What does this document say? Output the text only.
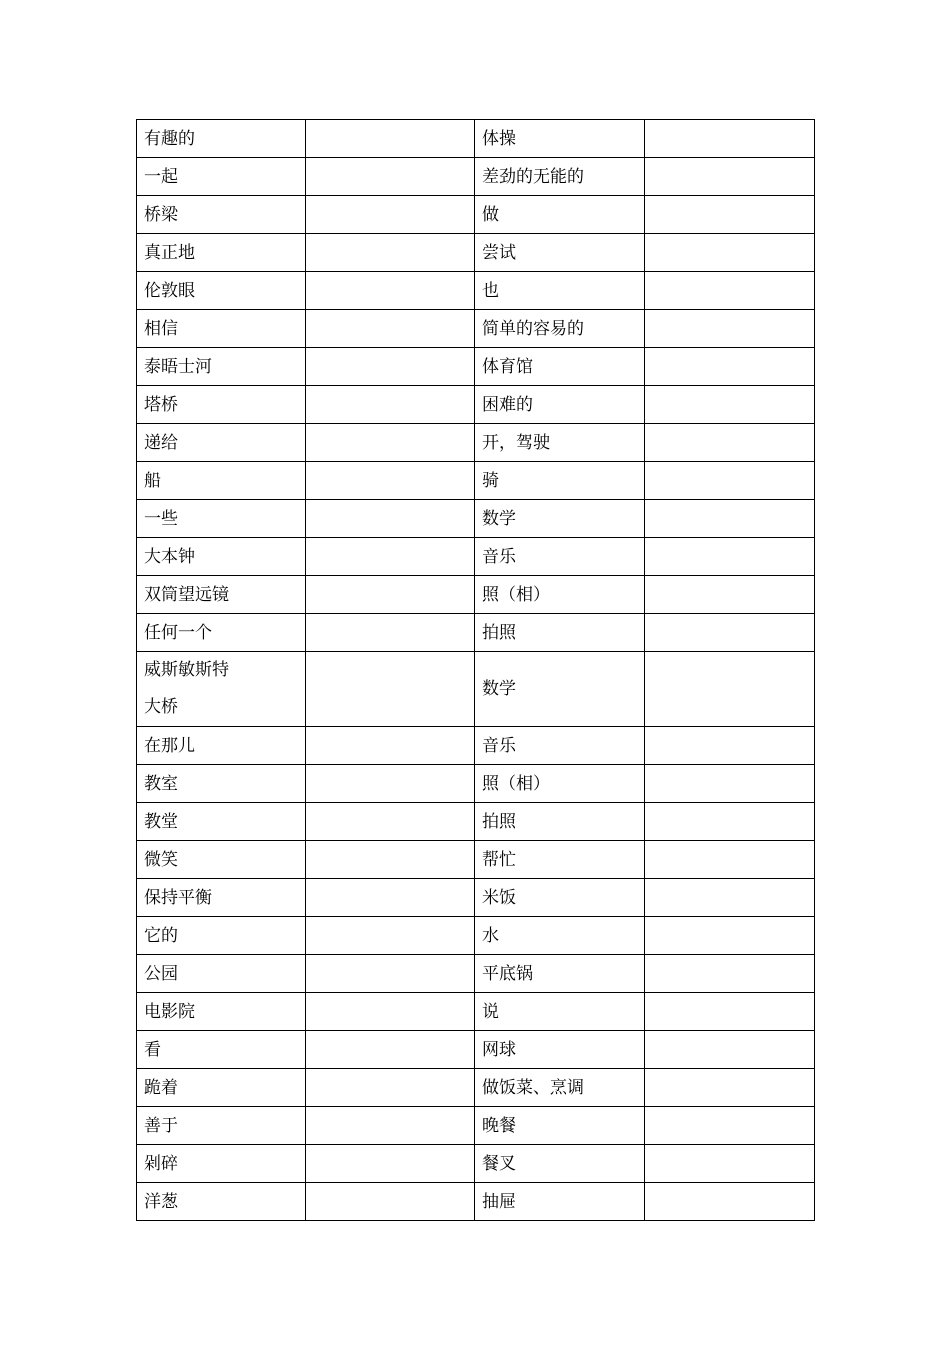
有趣的		体操	
一起		差劲的无能的	
桥梁		做	
真正地		尝试	
伦敦眼		也	
相信		简单的容易的	
泰晤士河		体育馆	
塔桥		困难的	
递给		开，驾驶	
船		骑	
一些		数学	
大本钟		音乐	
双筒望远镜		照（相）	
任何一个		拍照	

威斯敏斯特
大桥		数学	
在那儿		音乐	
教室		照（相）	
教堂		拍照	
微笑		帮忙	
保持平衡		米饭	
它的		水	
公园		平底锅	
电影院		说	
看		网球	
跪着		做饭菜、烹调	
善于		晚餐	
剁碎		餐叉	
洋葱		抽屉	
